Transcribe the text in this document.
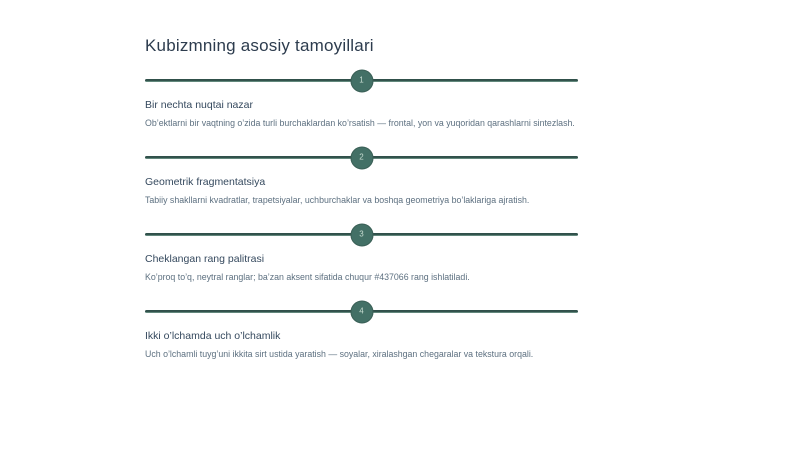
Kubizmning asosiy tamoyillari
1
Bir nechta nuqtai nazar

Ob’ektlarni bir vaqtning o’zida turli burchaklardan ko’rsatish — frontal, yon va yuqoridan qarashlarni sintezlash.

2
Geometrik fragmentatsiya

Tabiiy shakllarni kvadratlar, trapetsiyalar, uchburchaklar va boshqa geometriya bo’laklariga ajratish.

3
Cheklangan rang palitrasi

Ko’proq to’q, neytral ranglar; ba’zan aksent sifatida chuqur #437066 rang ishlatiladi.

4
Ikki o’lchamda uch o’lchamlik

Uch o’lchamli tuyg’uni ikkita sirt ustida yaratish — soyalar, xiralashgan chegaralar va tekstura orqali.
